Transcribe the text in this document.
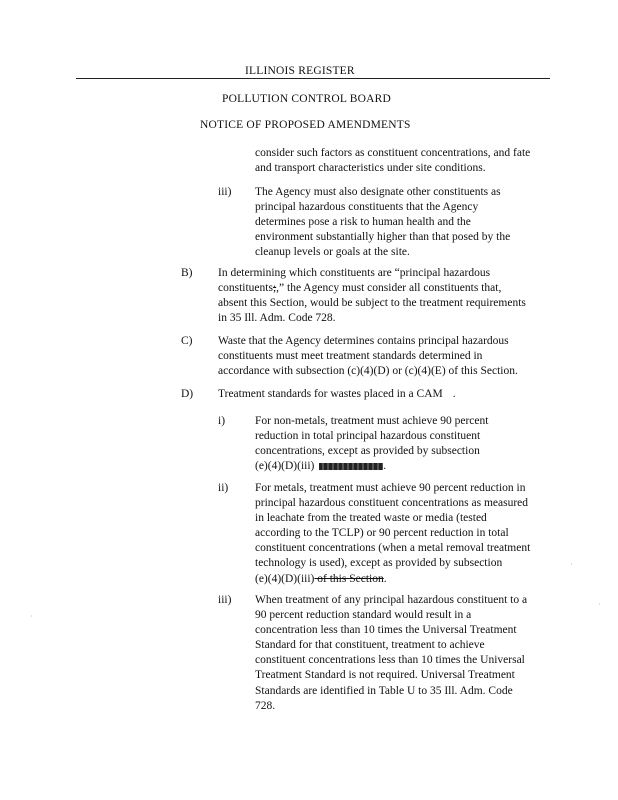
ILLINOIS REGISTER
POLLUTION CONTROL BOARD
NOTICE OF PROPOSED AMENDMENTS
consider such factors as constituent concentrations, and fate
and transport characteristics under site conditions.
iii) The Agency must also designate other constituents as
principal hazardous constituents that the Agency
determines pose a risk to human health and the
environment substantially higher than that posed by the
cleanup levels or goals at the site.
B) In determining which constituents are “principal hazardous
constituents;,” the Agency must consider all constituents that,
absent this Section, would be subject to the treatment requirements
in 35 Ill. Adm. Code 728.
C) Waste that the Agency determines contains principal hazardous
constituents must meet treatment standards determined in
accordance with subsection (c)(4)(D) or (c)(4)(E) of this Section.
D) Treatment standards for wastes placed in a CAM .
i)	For non-metals, treatment must achieve 90 percent
reduction in total principal hazardous constituent
concentrations, except as provided by subsection
(e)(4)(D)(iii)	.
ii) For metals, treatment must achieve 90 percent reduction in
principal hazardous constituent concentrations as measured
in leachate from the treated waste or media (tested
according to the TCLP) or 90 percent reduction in total
constituent concentrations (when a metal removal treatment
technology is used), except as provided by subsection
(e)(4)(D)(iii) of this Section.
iii) When treatment of any principal hazardous constituent to a
90 percent reduction standard would result in a
concentration less than 10 times the Universal Treatment
Standard for that constituent, treatment to achieve
constituent concentrations less than 10 times the Universal
Treatment Standard is not required. Universal Treatment
Standards are identified in Table U to 35 Ill. Adm. Code
728.
·
·
·
